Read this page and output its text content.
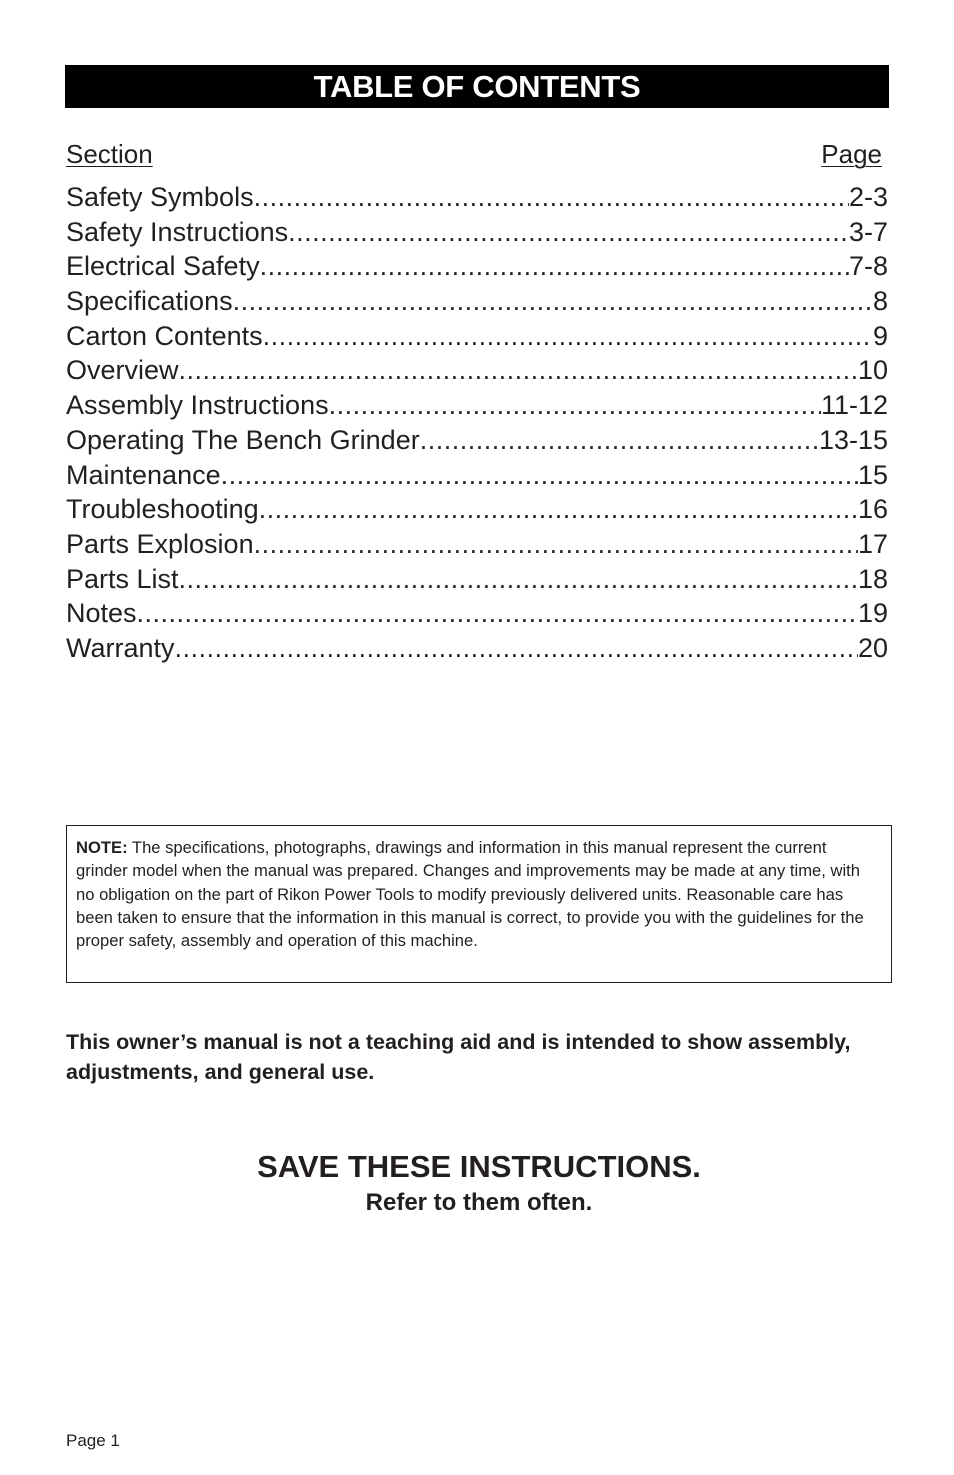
TABLE OF CONTENTS
Section	Page
Safety Symbols .....	2-3
Safety Instructions .....	3-7
Electrical Safety .....	7-8
Specifications .....	8
Carton Contents .....	9
Overview .....	10
Assembly Instructions .....	11-12
Operating The Bench Grinder .....	13-15
Maintenance .....	15
Troubleshooting .....	16
Parts Explosion .....	17
Parts List .....	18
Notes .....	19
Warranty .....	20
NOTE: The specifications, photographs, drawings and information in this manual represent the current grinder model when the manual was prepared. Changes and improvements may be made at any time, with no obligation on the part of Rikon Power Tools to modify previously delivered units. Reasonable care has been taken to ensure that the information in this manual is correct, to provide you with the guidelines for the proper safety, assembly and operation of this machine.
This owner’s manual is not a teaching aid and is intended to show assembly, adjustments, and general use.
SAVE THESE INSTRUCTIONS.
Refer to them often.
Page 1
